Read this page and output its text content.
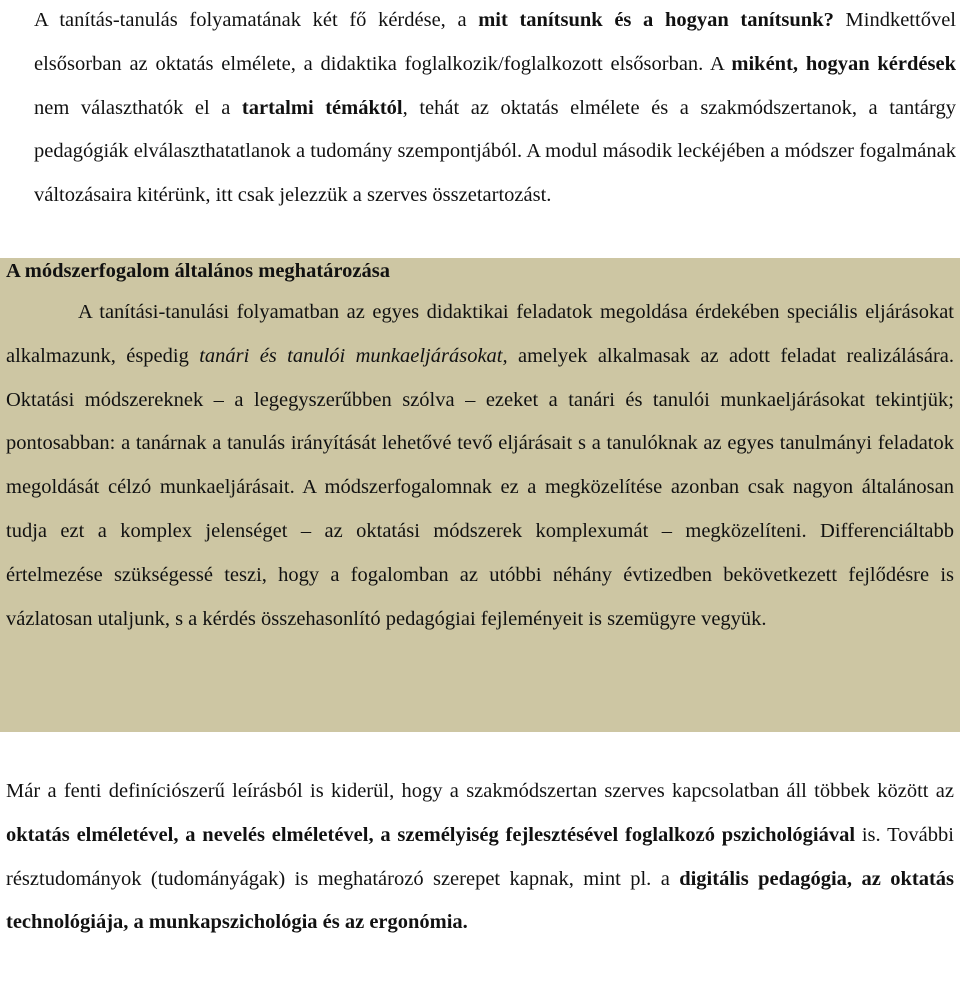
A tanítás-tanulás folyamatának két fő kérdése, a mit tanítsunk és a hogyan tanítsunk? Mindkettővel elsősorban az oktatás elmélete, a didaktika foglalkozik/foglalkozott elsősorban. A miként, hogyan kérdések nem választhatók el a tartalmi témáktól, tehát az oktatás elmélete és a szakmódszertanok, a tantárgy pedagógiák elválaszthatatlanok a tudomány szempontjából. A modul második leckéjében a módszer fogalmának változásaira kitérünk, itt csak jelezzük a szerves összetartozást.

A módszerfogalom általános meghatározása

A tanítási-tanulási folyamatban az egyes didaktikai feladatok megoldása érdekében speciális eljárásokat alkalmazunk, éspedig tanári és tanulói munkaeljárásokat, amelyek alkalmasak az adott feladat realizálására. Oktatási módszereknek – a legegyszerűbben szólva – ezeket a tanári és tanulói munkaeljárásokat tekintjük; pontosabban: a tanárnak a tanulás irányítását lehetővé tevő eljárásait s a tanulóknak az egyes tanulmányi feladatok megoldását célzó munkaeljárásait. A módszerfogalomnak ez a megközelítése azonban csak nagyon általánosan tudja ezt a komplex jelenséget – az oktatási módszerek komplexumát – megközelíteni. Differenciáltabb értelmezése szükségessé teszi, hogy a fogalomban az utóbbi néhány évtizedben bekövetkezett fejlődésre is vázlatosan utaljunk, s a kérdés összehasonlító pedagógiai fejleményeit is szemügyre vegyük.

Már a fenti definíciószerű leírásból is kiderül, hogy a szakmódszertan szerves kapcsolatban áll többek között az oktatás elméletével, a nevelés elméletével, a személyiség fejlesztésével foglalkozó pszichológiával is. További résztudományok (tudományágak) is meghatározó szerepet kapnak, mint pl. a digitális pedagógia, az oktatás technológiája, a munkapszichológia és az ergonómia.
